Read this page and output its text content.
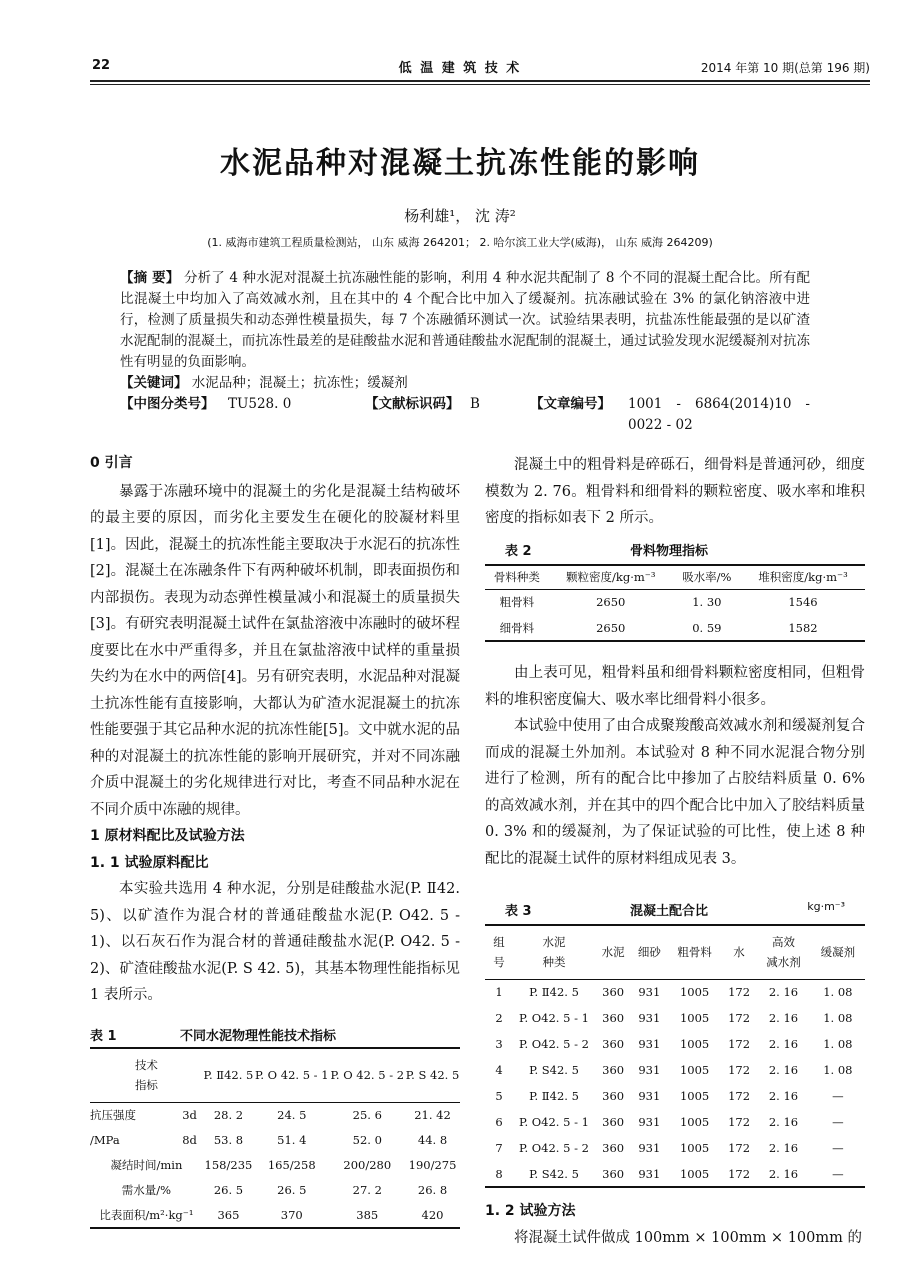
22	低 温 建 筑 技 术	2014 年第 10 期(总第 196 期)
水泥品种对混凝土抗冻性能的影响
杨利雄¹， 沈 涛²
(1. 威海市建筑工程质量检测站， 山东 威海 264201； 2. 哈尔滨工业大学(威海)， 山东 威海 264209)
【摘 要】 分析了 4 种水泥对混凝土抗冻融性能的影响，利用 4 种水泥共配制了 8 个不同的混凝土配合比。所有配比混凝土中均加入了高效减水剂，且在其中的 4 个配合比中加入了缓凝剂。抗冻融试验在 3% 的氯化钠溶液中进行，检测了质量损失和动态弹性模量损失，每 7 个冻融循环测试一次。试验结果表明，抗盐冻性能最强的是以矿渣水泥配制的混凝土，而抗冻性最差的是硅酸盐水泥和普通硅酸盐水泥配制的混凝土，通过试验发现水泥缓凝剂对抗冻性有明显的负面影响。
【关键词】 水泥品种；混凝土；抗冻性；缓凝剂
【中图分类号】 TU528. 0	【文献标识码】 B	【文章编号】 1001 - 6864(2014)10 - 0022 - 02
0 引言

暴露于冻融环境中的混凝土的劣化是混凝土结构破坏的最主要的原因，而劣化主要发生在硬化的胶凝材料里[1]。因此，混凝土的抗冻性能主要取决于水泥石的抗冻性[2]。混凝土在冻融条件下有两种破坏机制，即表面损伤和内部损伤。表现为动态弹性模量减小和混凝土的质量损失[3]。有研究表明混凝土试件在氯盐溶液中冻融时的破坏程度要比在水中严重得多，并且在氯盐溶液中试样的重量损失约为在水中的两倍[4]。另有研究表明，水泥品种对混凝土抗冻性能有直接影响，大都认为矿渣水泥混凝土的抗冻性能要强于其它品种水泥的抗冻性能[5]。文中就水泥的品种的对混凝土的抗冻性能的影响开展研究，并对不同冻融介质中混凝土的劣化规律进行对比，考查不同品种水泥在不同介质中冻融的规律。

1 原材料配比及试验方法
1. 1 试验原料配比

本实验共选用 4 种水泥，分别是硅酸盐水泥(P. Ⅱ42. 5)、以矿渣作为混合材的普通硅酸盐水泥(P. O42. 5 - 1)、以石灰石作为混合材的普通硅酸盐水泥(P. O42. 5 - 2)、矿渣硅酸盐水泥(P. S 42. 5)，其基本物理性能指标见 1 表所示。

表 1	不同水泥物理性能技术指标
技术
指标		P. Ⅱ42. 5	P. O 42. 5 - 1	P. O 42. 5 - 2	P. S 42. 5
抗压强度	3d	28. 2	24. 5	25. 6	21. 42
/MPa	8d	53. 8	51. 4	52. 0	44. 8
凝结时间/min		158/235	165/258	200/280	190/275
需水量/%		26. 5	26. 5	27. 2	26. 8
比表面积/m²·kg⁻¹		365	370	385	420

混凝土中的粗骨料是碎砾石，细骨料是普通河砂，细度模数为 2. 76。粗骨料和细骨料的颗粒密度、吸水率和堆积密度的指标如表下 2 所示。

表 2	骨料物理指标
骨料种类	颗粒密度/kg·m⁻³	吸水率/%	堆积密度/kg·m⁻³
粗骨料	2650	1. 30	1546
细骨料	2650	0. 59	1582

由上表可见，粗骨料虽和细骨料颗粒密度相同，但粗骨料的堆积密度偏大、吸水率比细骨料小很多。

本试验中使用了由合成聚羧酸高效减水剂和缓凝剂复合而成的混凝土外加剂。本试验对 8 种不同水泥混合物分别进行了检测，所有的配合比中掺加了占胶结料质量 0. 6% 的高效减水剂，并在其中的四个配合比中加入了胶结料质量 0. 3% 和的缓凝剂，为了保证试验的可比性，使上述 8 种配比的混凝土试件的原材料组成见表 3。

表 3	混凝土配合比	kg·m⁻³
组
号	水泥
种类	水泥	细砂	粗骨料	水	高效
减水剂	缓凝剂
1	P. Ⅱ42. 5	360	931	1005	172	2. 16	1. 08
2	P. O42. 5 - 1	360	931	1005	172	2. 16	1. 08
3	P. O42. 5 - 2	360	931	1005	172	2. 16	1. 08
4	P. S42. 5	360	931	1005	172	2. 16	1. 08
5	P. Ⅱ42. 5	360	931	1005	172	2. 16	—
6	P. O42. 5 - 1	360	931	1005	172	2. 16	—
7	P. O42. 5 - 2	360	931	1005	172	2. 16	—
8	P. S42. 5	360	931	1005	172	2. 16	—
1. 2 试验方法

将混凝土试件做成 100mm × 100mm × 100mm 的
